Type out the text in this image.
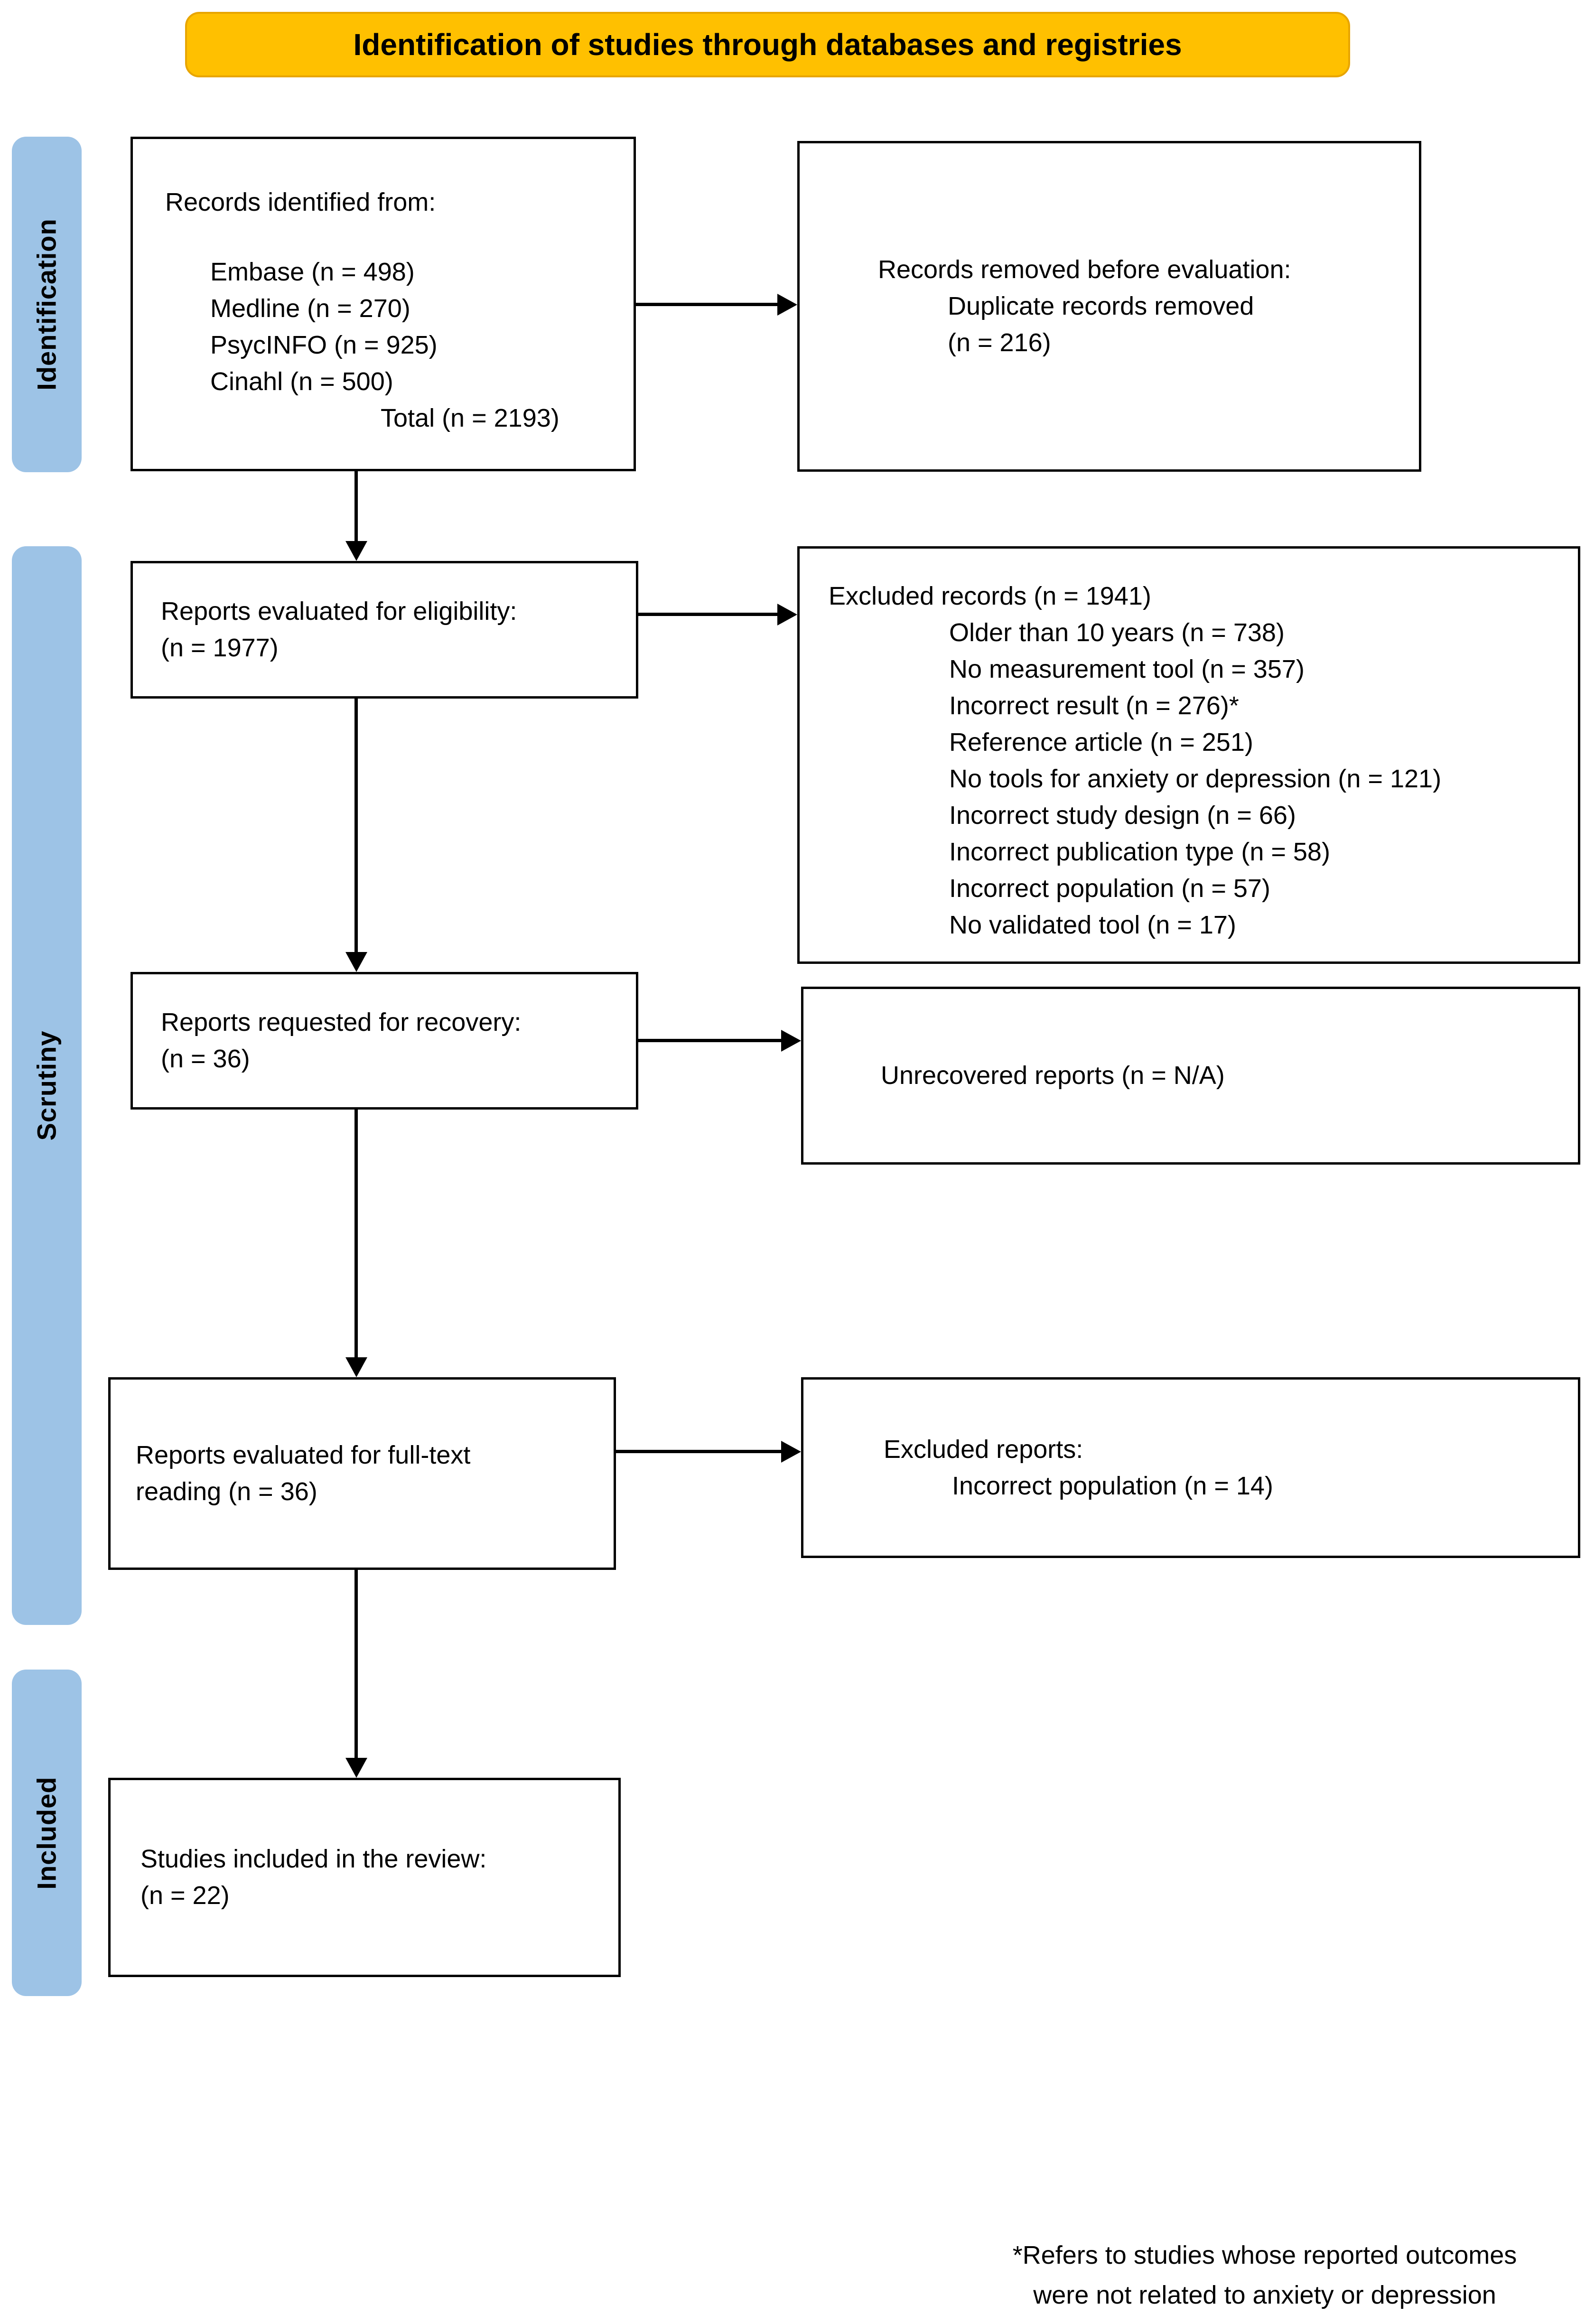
Identification of studies through databases and registries
Identification
Scrutiny
Included
Records identified from:
Embase (n = 498)
Medline (n = 270)
PsycINFO (n = 925)
Cinahl (n = 500)
Total (n = 2193)
Records removed before evaluation:
Duplicate records removed
(n = 216)
Reports evaluated for eligibility:
(n = 1977)
Excluded records (n = 1941)
Older than 10 years (n = 738)
No measurement tool (n = 357)
Incorrect result (n = 276)*
Reference article (n = 251)
No tools for anxiety or depression (n = 121)
Incorrect study design (n = 66)
Incorrect publication type (n = 58)
Incorrect population (n = 57)
No validated tool (n = 17)
Reports requested for recovery:
(n = 36)
Unrecovered reports (n = N/A)
Reports evaluated for full-text
reading (n = 36)
Excluded reports:
Incorrect population (n = 14)
Studies included in the review:
(n = 22)
*Refers to studies whose reported outcomes
were not related to anxiety or depression
